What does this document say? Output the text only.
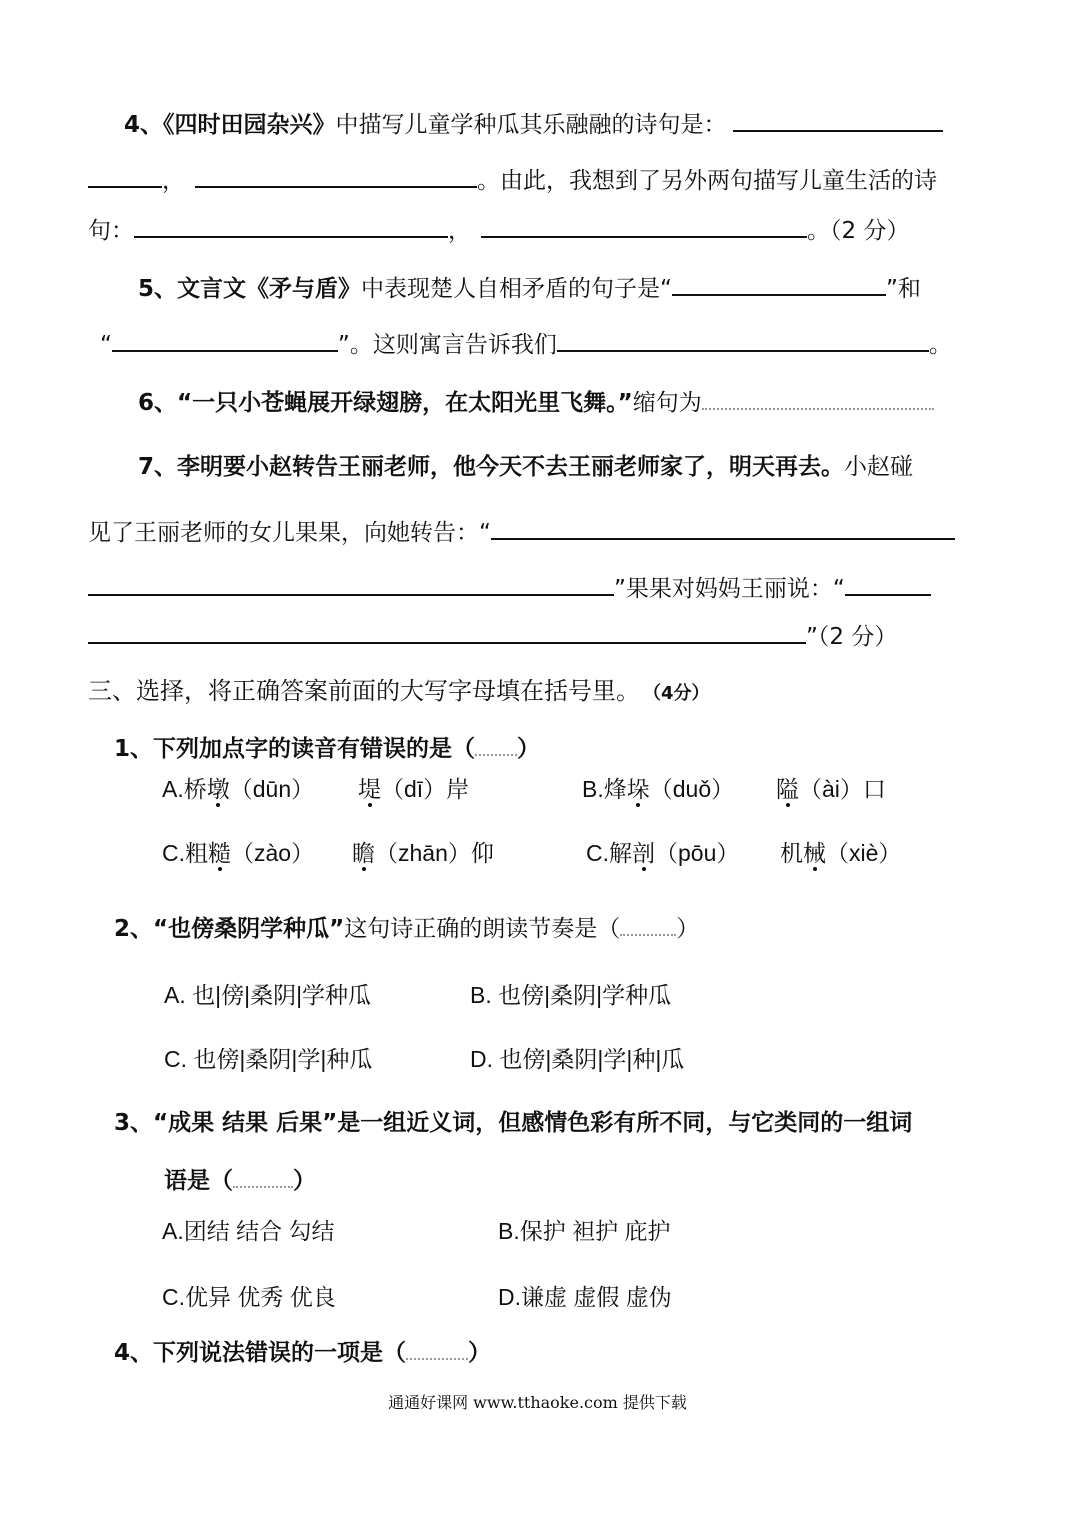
4、《四时田园杂兴》中描写儿童学种瓜其乐融融的诗句是：
，	。由此，我想到了另外两句描写儿童生活的诗
句：	，	。（2 分）
5、文言文《矛与盾》中表现楚人自相矛盾的句子是“	”和
“	”。这则寓言告诉我们	。
6、“一只小苍蝇展开绿翅膀，在太阳光里飞舞。”缩句为
7、李明要小赵转告王丽老师，他今天不去王丽老师家了，明天再去。小赵碰
见了王丽老师的女儿果果，向她转告：“
”果果对妈妈王丽说：“
”（2 分）
三、选择，将正确答案前面的大写字母填在括号里。 （4分）
1、下列加点字的读音有错误的是（ ）
A.桥墩（dūn） 堤（dī）岸	B.烽垛（duǒ） 隘（ài）口
C.粗糙（zào） 瞻（zhān）仰	C.解剖（pōu） 机械（xiè）
2、“也傍桑阴学种瓜”这句诗正确的朗读节奏是（ ）
A. 也|傍|桑阴|学种瓜	B. 也傍|桑阴|学种瓜
C. 也傍|桑阴|学|种瓜	D. 也傍|桑阴|学|种|瓜
3、“成果 结果 后果”是一组近义词，但感情色彩有所不同，与它类同的一组词
语是（	）
A.团结 结合 勾结	B.保护 袒护 庇护
C.优异 优秀 优良	D.谦虚 虚假 虚伪
4、下列说法错误的一项是（	）
通通好课网 www.tthaoke.com 提供下载
